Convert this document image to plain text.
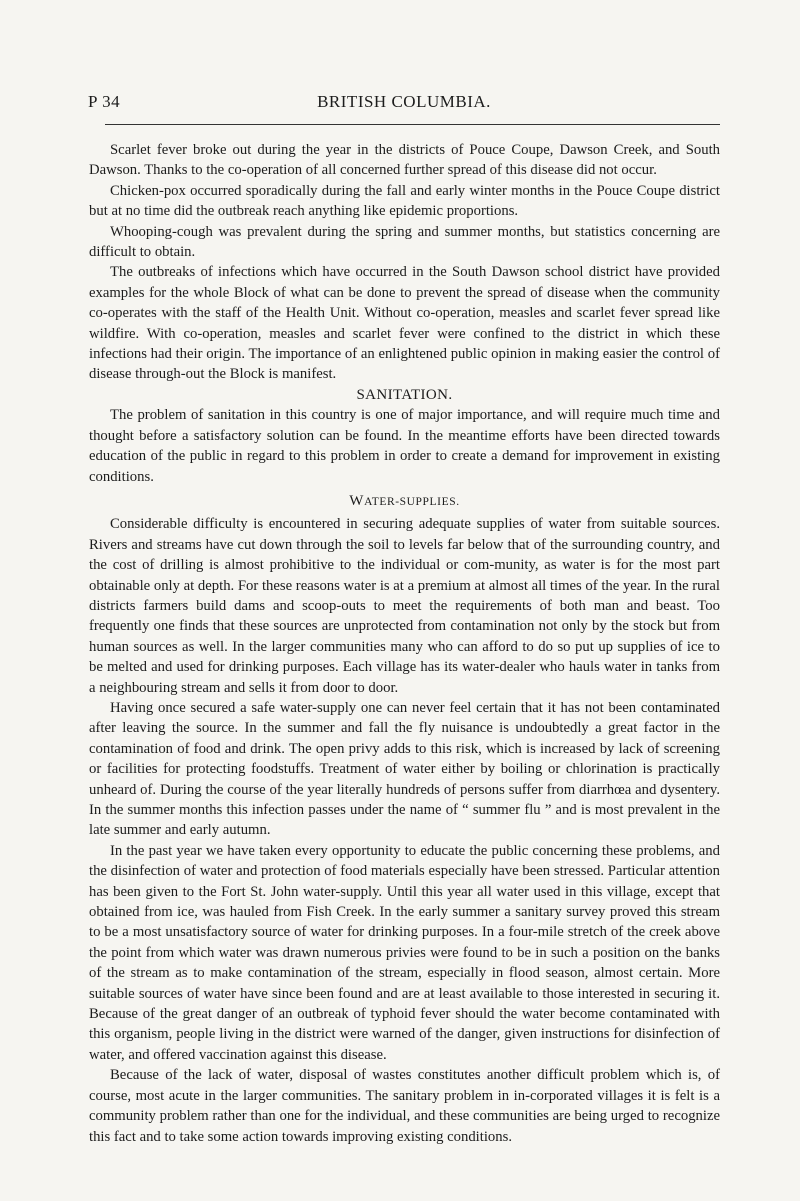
P 34	BRITISH COLUMBIA.

Scarlet fever broke out during the year in the districts of Pouce Coupe, Dawson Creek, and South Dawson. Thanks to the co-operation of all concerned further spread of this disease did not occur.

Chicken-pox occurred sporadically during the fall and early winter months in the Pouce Coupe district but at no time did the outbreak reach anything like epidemic proportions.

Whooping-cough was prevalent during the spring and summer months, but statistics concerning are difficult to obtain.

The outbreaks of infections which have occurred in the South Dawson school district have provided examples for the whole Block of what can be done to prevent the spread of disease when the community co-operates with the staff of the Health Unit. Without co-operation, measles and scarlet fever spread like wildfire. With co-operation, measles and scarlet fever were confined to the district in which these infections had their origin. The importance of an enlightened public opinion in making easier the control of disease through-out the Block is manifest.

SANITATION.

The problem of sanitation in this country is one of major importance, and will require much time and thought before a satisfactory solution can be found. In the meantime efforts have been directed towards education of the public in regard to this problem in order to create a demand for improvement in existing conditions.

WATER-SUPPLIES.

Considerable difficulty is encountered in securing adequate supplies of water from suitable sources. Rivers and streams have cut down through the soil to levels far below that of the surrounding country, and the cost of drilling is almost prohibitive to the individual or com-munity, as water is for the most part obtainable only at depth. For these reasons water is at a premium at almost all times of the year. In the rural districts farmers build dams and scoop-outs to meet the requirements of both man and beast. Too frequently one finds that these sources are unprotected from contamination not only by the stock but from human sources as well. In the larger communities many who can afford to do so put up supplies of ice to be melted and used for drinking purposes. Each village has its water-dealer who hauls water in tanks from a neighbouring stream and sells it from door to door.

Having once secured a safe water-supply one can never feel certain that it has not been contaminated after leaving the source. In the summer and fall the fly nuisance is undoubtedly a great factor in the contamination of food and drink. The open privy adds to this risk, which is increased by lack of screening or facilities for protecting foodstuffs. Treatment of water either by boiling or chlorination is practically unheard of. During the course of the year literally hundreds of persons suffer from diarrhœa and dysentery. In the summer months this infection passes under the name of “ summer flu ” and is most prevalent in the late summer and early autumn.

In the past year we have taken every opportunity to educate the public concerning these problems, and the disinfection of water and protection of food materials especially have been stressed. Particular attention has been given to the Fort St. John water-supply. Until this year all water used in this village, except that obtained from ice, was hauled from Fish Creek. In the early summer a sanitary survey proved this stream to be a most unsatisfactory source of water for drinking purposes. In a four-mile stretch of the creek above the point from which water was drawn numerous privies were found to be in such a position on the banks of the stream as to make contamination of the stream, especially in flood season, almost certain. More suitable sources of water have since been found and are at least available to those interested in securing it. Because of the great danger of an outbreak of typhoid fever should the water become contaminated with this organism, people living in the district were warned of the danger, given instructions for disinfection of water, and offered vaccination against this disease.

Because of the lack of water, disposal of wastes constitutes another difficult problem which is, of course, most acute in the larger communities. The sanitary problem in in-corporated villages it is felt is a community problem rather than one for the individual, and these communities are being urged to recognize this fact and to take some action towards improving existing conditions.
